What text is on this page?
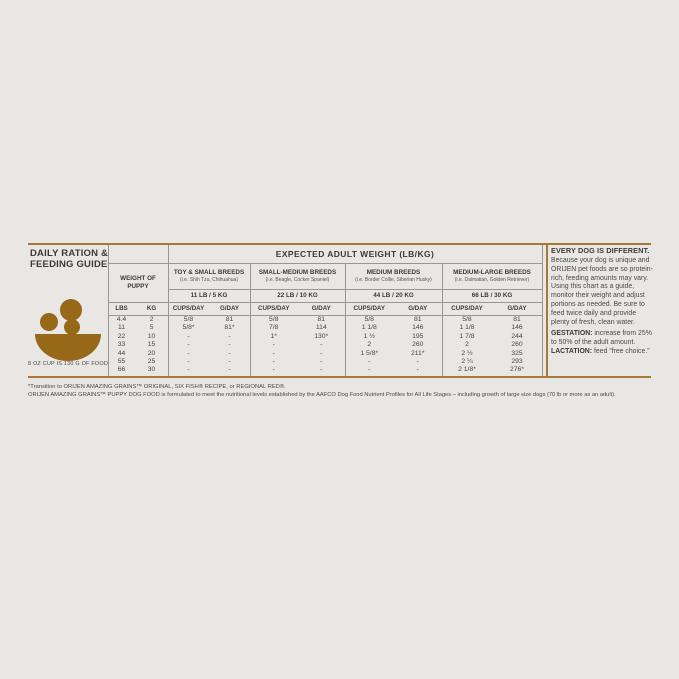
DAILY RATION &
FEEDING GUIDE
8 OZ CUP IS 130 G OF FOOD
EXPECTED ADULT WEIGHT (LB/KG)
WEIGHT OF
PUPPY
TOY & SMALL BREEDS
(i.e. Shih Tzu, Chihuahua)
SMALL-MEDIUM BREEDS
(i.e. Beagle, Cocker Spaniel)
MEDIUM BREEDS
(i.e. Border Collie, Siberian Husky)
MEDIUM-LARGE BREEDS
(i.e. Dalmatian, Golden Retriever)
11 LB / 5 KG	22 LB / 10 KG	44 LB / 20 KG	66 LB / 30 KG
LBS	KG	CUPS/DAY	G/DAY	CUPS/DAY	G/DAY	CUPS/DAY	G/DAY	CUPS/DAY	G/DAY
4.4	2	5/8	81	5/8	81	5/8	81	5/8	81
11	5	5/8*	81*	7/8	114	1 1/8	146	1 1/8	146
22	10	-	-	1*	130*	1 ½	195	1 7/8	244
33	15	-	-	-	-	2	260	2	260
44	20	-	-	-	-	1 5/8*	211*	2 ½	325
55	25	-	-	-	-	-	-	2 ¼	293
66	30	-	-	-	-	-	-	2 1/8*	276*
EVERY DOG IS DIFFERENT.
Because your dog is unique and ORIJEN pet foods are so protein-rich, feeding amounts may vary. Using this chart as a guide, monitor their weight and adjust portions as needed. Be sure to feed twice daily and provide plenty of fresh, clean water.
GESTATION: increase from 25% to 50% of the adult amount. LACTATION: feed “free choice.”
*Transition to ORIJEN AMAZING GRAINS™ ORIGINAL, SIX FISH® RECIPE, or REGIONAL RED®.
ORIJEN AMAZING GRAINS™ PUPPY DOG FOOD is formulated to meet the nutritional levels established by the AAFCO Dog Food Nutrient Profiles for All Life Stages – including growth of large size dogs (70 lb or more as an adult).
